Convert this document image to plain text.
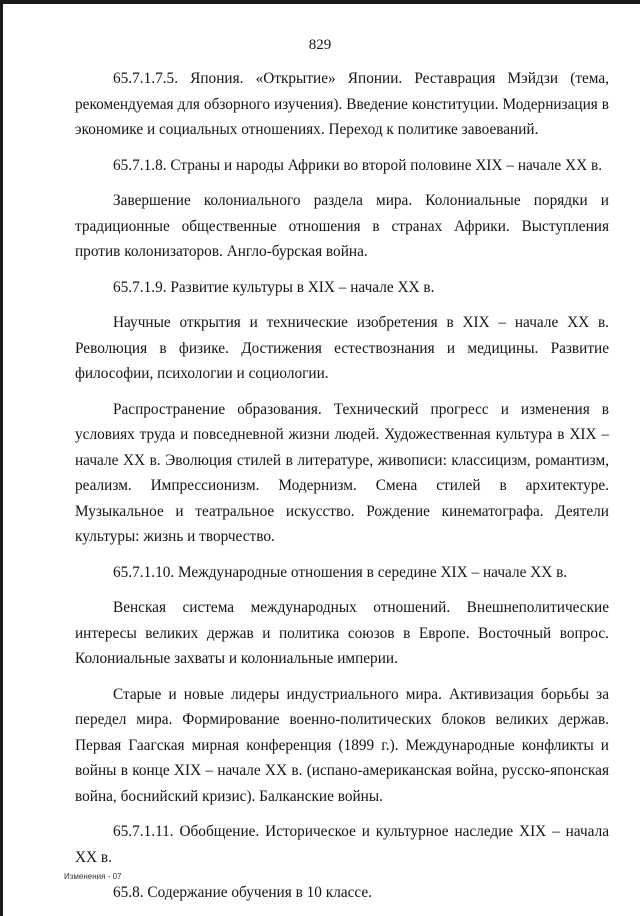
829

65.7.1.7.5. Япония. «Открытие» Японии. Реставрация Мэйдзи (тема, рекомендуемая для обзорного изучения). Введение конституции. Модернизация в экономике и социальных отношениях. Переход к политике завоеваний.

65.7.1.8. Страны и народы Африки во второй половине XIX – начале XX в.

Завершение колониального раздела мира. Колониальные порядки и традиционные общественные отношения в странах Африки. Выступления против колонизаторов. Англо-бурская война.

65.7.1.9. Развитие культуры в XIX – начале XX в.

Научные открытия и технические изобретения в XIX – начале XX в. Революция в физике. Достижения естествознания и медицины. Развитие философии, психологии и социологии.

Распространение образования. Технический прогресс и изменения в условиях труда и повседневной жизни людей. Художественная культура в XIX – начале XX в. Эволюция стилей в литературе, живописи: классицизм, романтизм, реализм. Импрессионизм. Модернизм. Смена стилей в архитектуре. Музыкальное и театральное искусство. Рождение кинематографа. Деятели культуры: жизнь и творчество.

65.7.1.10. Международные отношения в середине XIX – начале XX в.

Венская система международных отношений. Внешнеполитические интересы великих держав и политика союзов в Европе. Восточный вопрос. Колониальные захваты и колониальные империи.

Старые и новые лидеры индустриального мира. Активизация борьбы за передел мира. Формирование военно-политических блоков великих держав. Первая Гаагская мирная конференция (1899 г.). Международные конфликты и войны в конце XIX – начале XX в. (испано-американская война, русско-японская война, боснийский кризис). Балканские войны.

65.7.1.11. Обобщение. Историческое и культурное наследие XIX – начала XX в.

65.8. Содержание обучения в 10 классе.

Изменения - 07
